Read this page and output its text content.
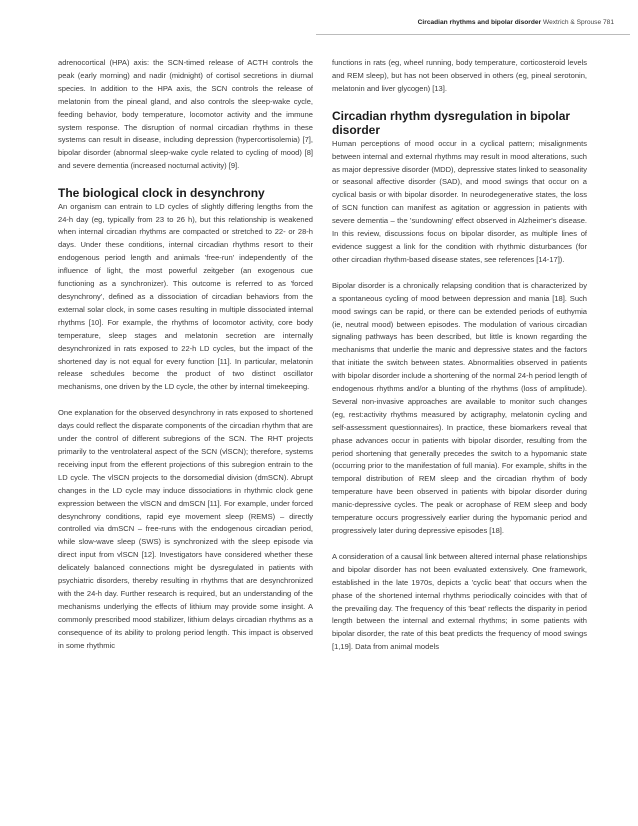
Circadian rhythms and bipolar disorder Wextrich & Sprouse 781

adrenocortical (HPA) axis: the SCN-timed release of ACTH controls the peak (early morning) and nadir (midnight) of cortisol secretions in diurnal species. In addition to the HPA axis, the SCN controls the release of melatonin from the pineal gland, and also controls the sleep-wake cycle, feeding behavior, body temperature, locomotor activity and the immune system response. The disruption of normal circadian rhythms in these systems can result in disease, including depression (hypercortisolemia) [7], bipolar disorder (abnormal sleep-wake cycle related to cycling of mood) [8] and severe dementia (increased nocturnal activity) [9].

The biological clock in desynchrony

An organism can entrain to LD cycles of slightly differing lengths from the 24-h day (eg, typically from 23 to 26 h), but this relationship is weakened when internal circadian rhythms are compacted or stretched to 22- or 28-h days. Under these conditions, internal circadian rhythms resort to their endogenous period length and animals 'free-run' independently of the influence of light, the most powerful zeitgeber (an exogenous cue functioning as a synchronizer). This outcome is referred to as 'forced desynchrony', defined as a dissociation of circadian behaviors from the external solar clock, in some cases resulting in multiple dissociated internal rhythms [10]. For example, the rhythms of locomotor activity, core body temperature, sleep stages and melatonin secretion are internally desynchronized in rats exposed to 22-h LD cycles, but the impact of the shortened day is not equal for every function [11]. In particular, melatonin release schedules become the product of two distinct oscillator mechanisms, one driven by the LD cycle, the other by internal timekeeping.

One explanation for the observed desynchrony in rats exposed to shortened days could reflect the disparate components of the circadian rhythm that are under the control of different subregions of the SCN. The RHT projects primarily to the ventrolateral aspect of the SCN (vlSCN); therefore, systems receiving input from the efferent projections of this subregion entrain to the LD cycle. The vlSCN projects to the dorsomedial division (dmSCN). Abrupt changes in the LD cycle may induce dissociations in rhythmic clock gene expression between the vlSCN and dmSCN [11]. For example, under forced desynchrony conditions, rapid eye movement sleep (REMS) – directly controlled via dmSCN – free-runs with the endogenous circadian period, while slow-wave sleep (SWS) is synchronized with the sleep episode via direct input from vlSCN [12]. Investigators have considered whether these delicately balanced connections might be dysregulated in patients with psychiatric disorders, thereby resulting in rhythms that are desynchronized with the 24-h day. Further research is required, but an understanding of the mechanisms underlying the effects of lithium may provide some insight. A commonly prescribed mood stabilizer, lithium delays circadian rhythms as a consequence of its ability to prolong period length. This impact is observed in some rhythmic

functions in rats (eg, wheel running, body temperature, corticosteroid levels and REM sleep), but has not been observed in others (eg, pineal serotonin, melatonin and liver glycogen) [13].

Circadian rhythm dysregulation in bipolar disorder

Human perceptions of mood occur in a cyclical pattern; misalignments between internal and external rhythms may result in mood alterations, such as major depressive disorder (MDD), depressive states linked to seasonality or seasonal affective disorder (SAD), and mood swings that occur on a cyclical basis or with bipolar disorder. In neurodegenerative states, the loss of SCN function can manifest as agitation or aggression in patients with severe dementia – the 'sundowning' effect observed in Alzheimer's disease. In this review, discussions focus on bipolar disorder, as multiple lines of evidence suggest a link for the condition with rhythmic disturbances (for other circadian rhythm-based disease states, see references [14-17]).

Bipolar disorder is a chronically relapsing condition that is characterized by a spontaneous cycling of mood between depression and mania [18]. Such mood swings can be rapid, or there can be extended periods of euthymia (ie, neutral mood) between episodes. The modulation of various circadian signaling pathways has been described, but little is known regarding the mechanisms that underlie the manic and depressive states and the factors that initiate the switch between states. Abnormalities observed in patients with bipolar disorder include a shortening of the normal 24-h period length of endogenous rhythms and/or a blunting of the rhythms (loss of amplitude). Several non-invasive approaches are available to monitor such changes (eg, rest:activity rhythms measured by actigraphy, melatonin cycling and self-assessment questionnaires). In practice, these biomarkers reveal that phase advances occur in patients with bipolar disorder, resulting from the period shortening that generally precedes the switch to a hypomanic state (occurring prior to the manifestation of full mania). For example, shifts in the temporal distribution of REM sleep and the circadian rhythm of body temperature have been observed in patients with bipolar disorder during manic-depressive cycles. The peak or acrophase of REM sleep and body temperature occurs progressively earlier during the hypomanic period and progressively later during depressive episodes [18].

A consideration of a causal link between altered internal phase relationships and bipolar disorder has not been evaluated extensively. One framework, established in the late 1970s, depicts a 'cyclic beat' that occurs when the phase of the shortened internal rhythms periodically coincides with that of the prevailing day. The frequency of this 'beat' reflects the disparity in period length between the internal and external rhythms; in some patients with bipolar disorder, the rate of this beat predicts the frequency of mood swings [1,19]. Data from animal models
